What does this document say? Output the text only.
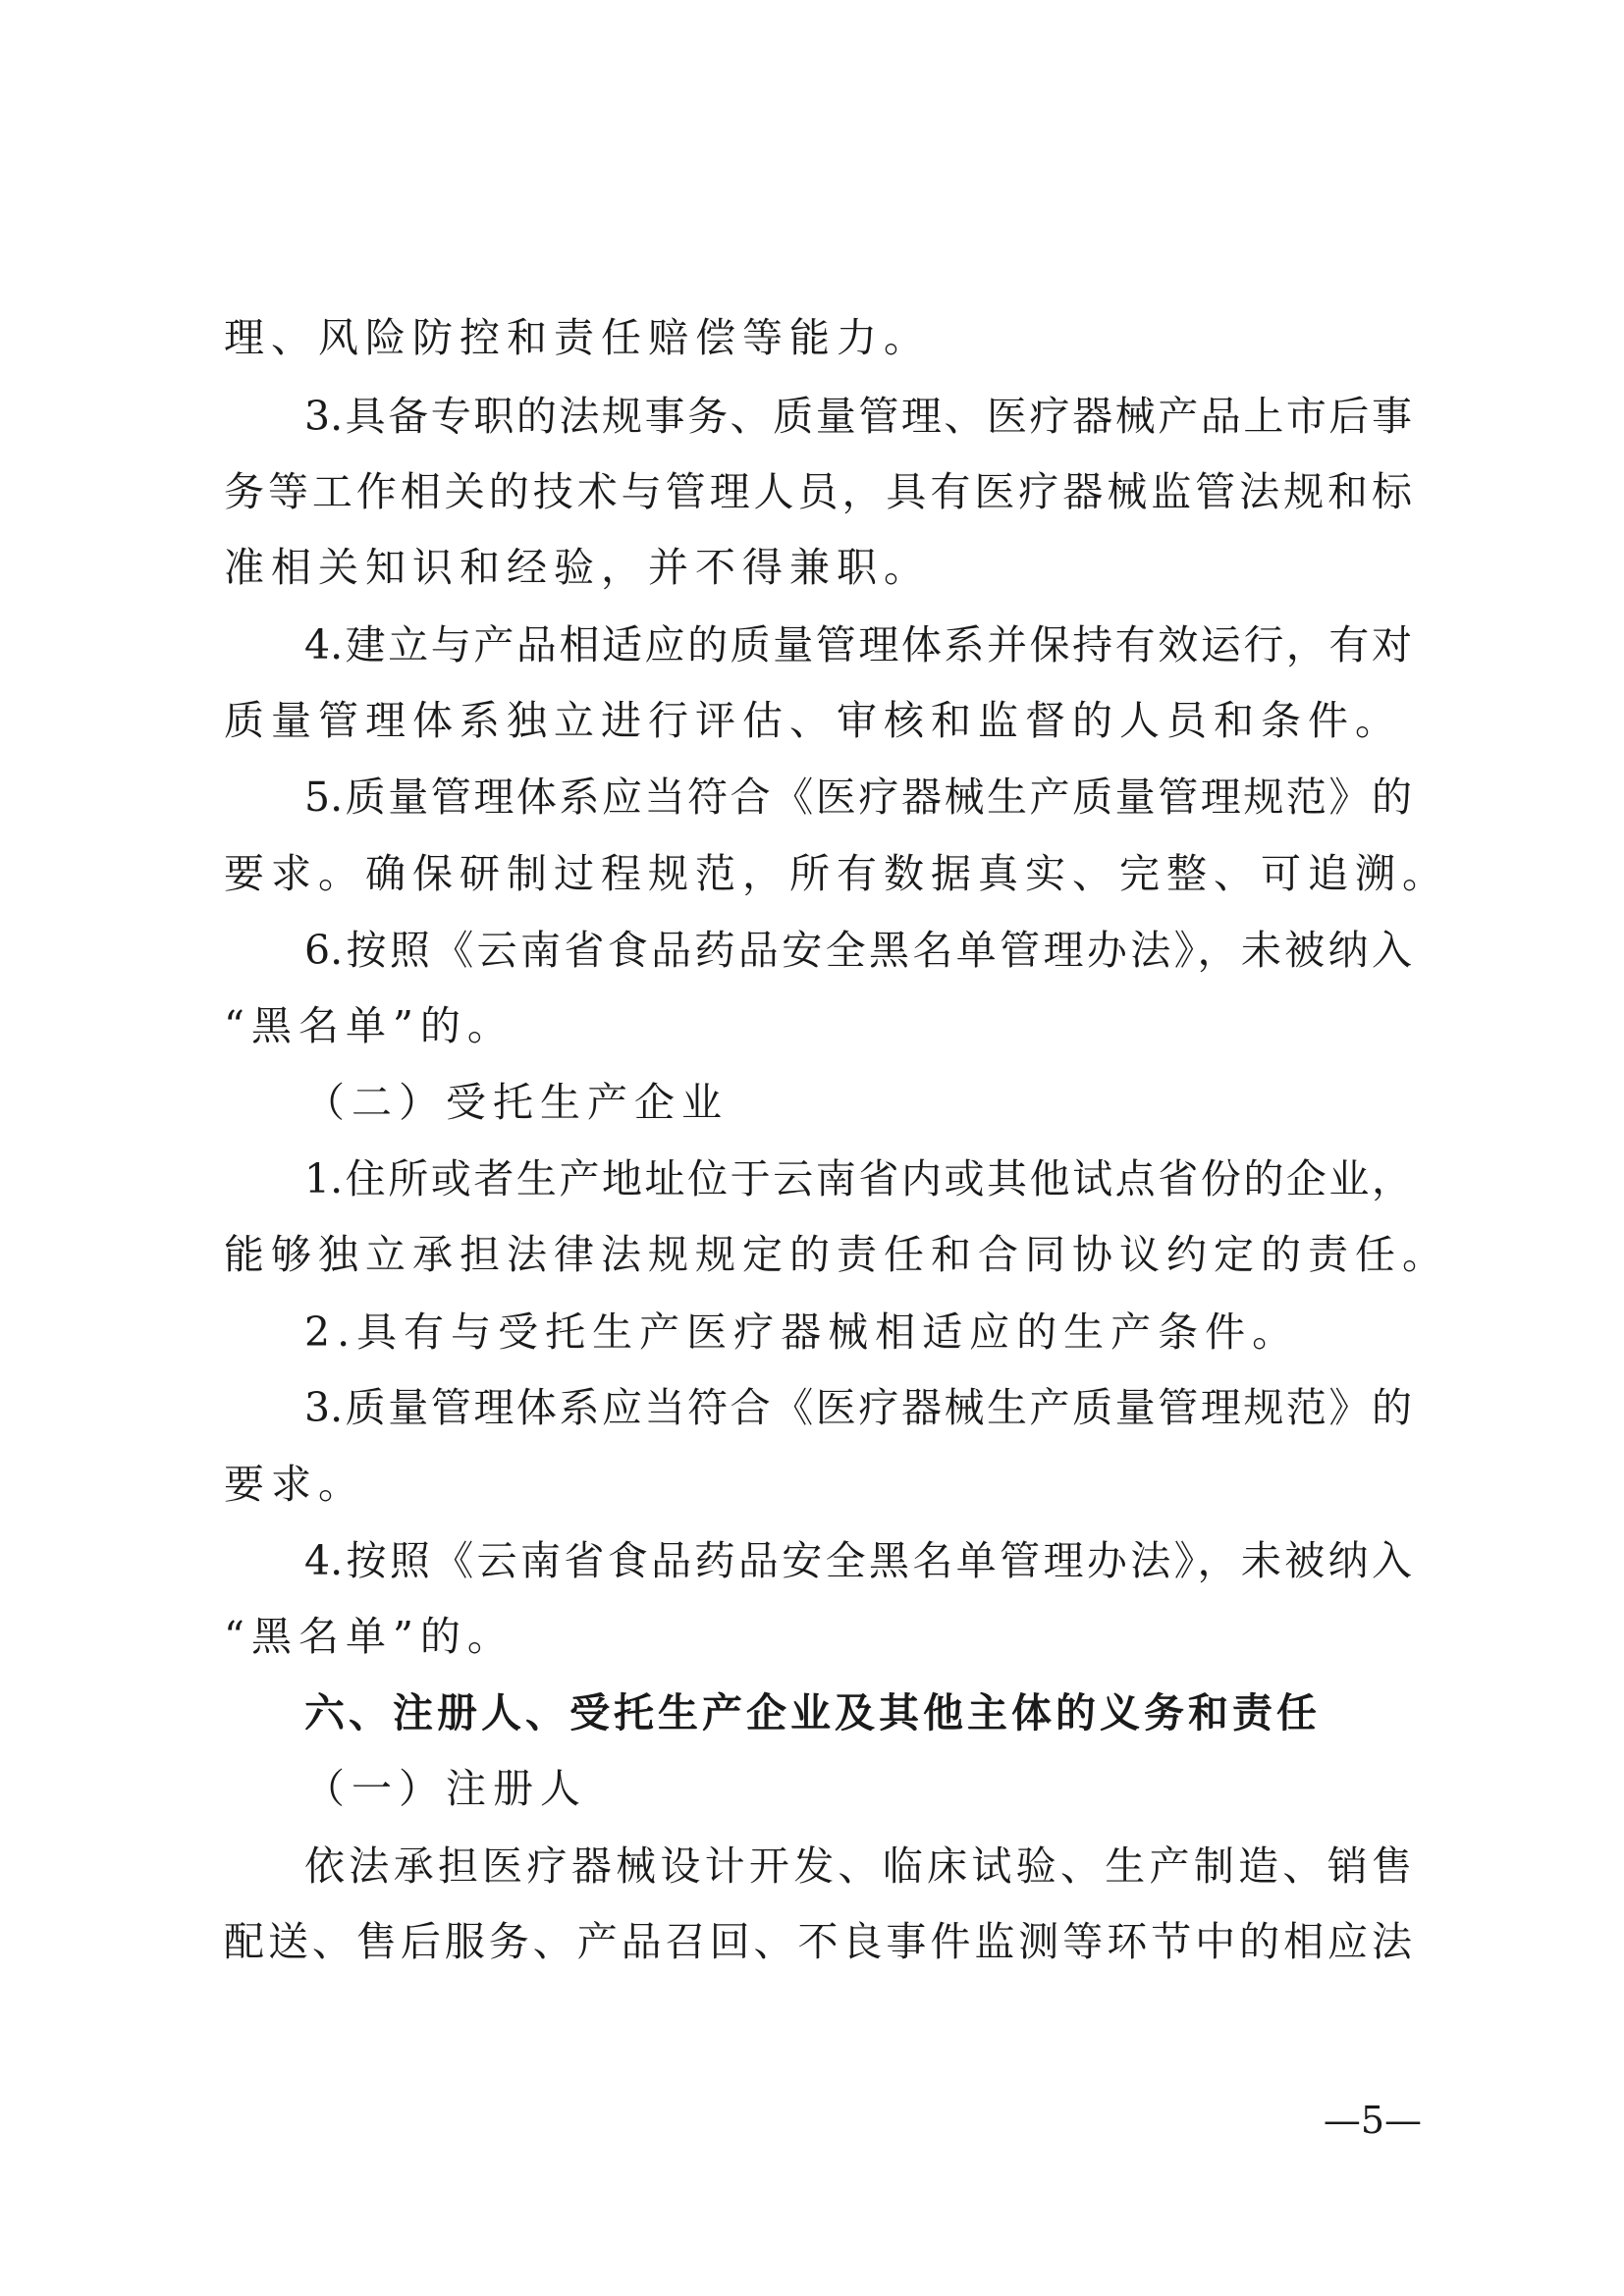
理、风险防控和责任赔偿等能力。
3.具备专职的法规事务、质量管理、医疗器械产品上市后事
务等工作相关的技术与管理人员，具有医疗器械监管法规和标
准相关知识和经验，并不得兼职。
4.建立与产品相适应的质量管理体系并保持有效运行，有对
质量管理体系独立进行评估、审核和监督的人员和条件。
5.质量管理体系应当符合《医疗器械生产质量管理规范》的
要求。确保研制过程规范，所有数据真实、完整、可追溯。
6.按照《云南省食品药品安全黑名单管理办法》，未被纳入
“黑名单”的。
（二）受托生产企业
1.住所或者生产地址位于云南省内或其他试点省份的企业，
能够独立承担法律法规规定的责任和合同协议约定的责任。
2.具有与受托生产医疗器械相适应的生产条件。
3.质量管理体系应当符合《医疗器械生产质量管理规范》的
要求。
4.按照《云南省食品药品安全黑名单管理办法》，未被纳入
“黑名单”的。
六、注册人、受托生产企业及其他主体的义务和责任
（一）注册人
依法承担医疗器械设计开发、临床试验、生产制造、销售
配送、售后服务、产品召回、不良事件监测等环节中的相应法
—5—
